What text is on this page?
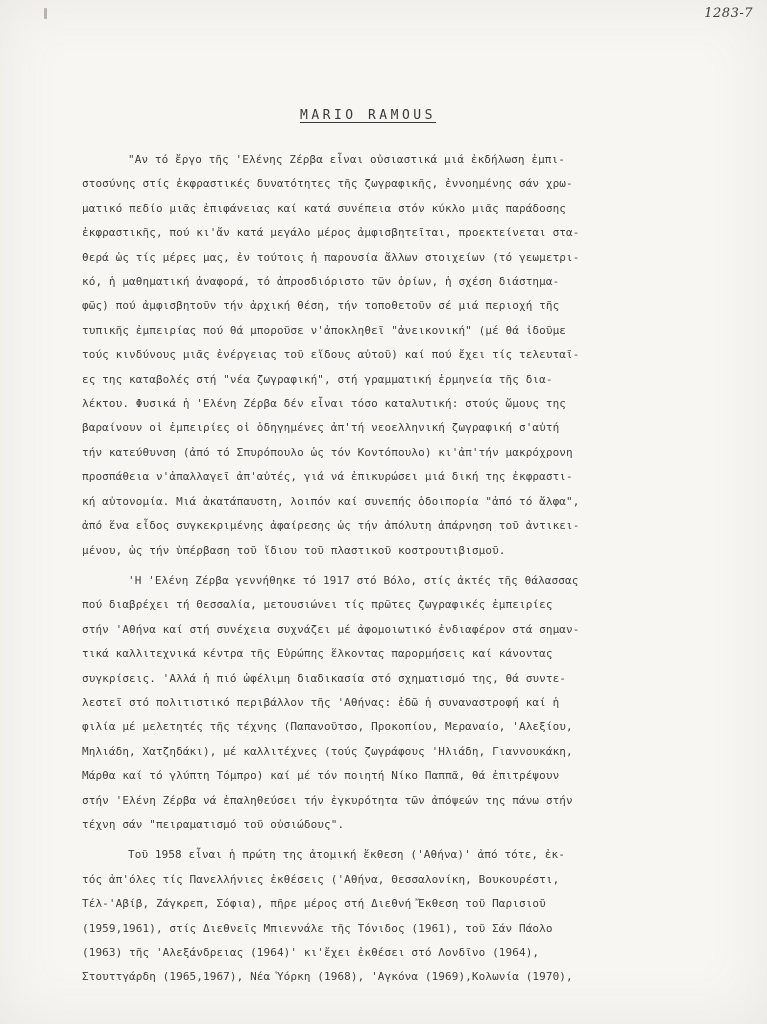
1283-7
MARIO RAMOUS
"Αν τό ἔργο τῆς 'Ελένης Ζέρβα εἶναι οὐσιαστικά μιά ἐκδήλωση ἐμπι-
στοσύνης στίς ἐκφραστικές δυνατότητες τῆς ζωγραφικῆς, ἐννοημένης σάν χρω-
ματικό πεδίο μιᾶς ἐπιφάνειας καί κατά συνέπεια στόν κύκλο μιᾶς παράδοσης
ἐκφραστικῆς, πού κι'ἄν κατά μεγάλο μέρος ἀμφισβητεῖται, προεκτείνεται στα-
θερά ὡς τίς μέρες μας, ἐν τούτοις ἡ παρουσία ἄλλων στοιχείων (τό γεωμετρι-
κό, ἡ μαθηματική ἀναφορά, τό ἀπροσδιόριστο τῶν ὁρίων, ἡ σχέση διάστημα-
φῶς) πού ἀμφισβητοῦν τήν ἀρχική θέση, τήν τοποθετοῦν σέ μιά περιοχή τῆς
τυπικῆς ἐμπειρίας πού θά μποροῦσε ν'ἀποκληθεῖ "ἀνεικονική" (μέ θά ἰδοῦμε
τούς κινδύνους μιᾶς ἐνέργειας τοῦ εἴδους αὐτοῦ) καί πού ἔχει τίς τελευταῖ-
ες της καταβολές στή "νέα ζωγραφική", στή γραμματική ἑρμηνεία τῆς δια-
λέκτου. Φυσικά ἡ 'Ελένη Ζέρβα δέν εἶναι τόσο καταλυτική: στούς ὤμους της
βαραίνουν οἱ ἐμπειρίες οἱ ὁδηγημένες ἀπ'τή νεοελληνική ζωγραφική σ'αὐτή
τήν κατεύθυνση (ἀπό τό Σπυρόπουλο ὡς τόν Κοντόπουλο) κι'ἀπ'τήν μακρόχρονη
προσπάθεια ν'ἀπαλλαγεῖ ἀπ'αὐτές, γιά νά ἐπικυρώσει μιά δική της ἐκφραστι-
κή αὐτονομία. Μιά ἀκατάπαυστη, λοιπόν καί συνεπής ὁδοιπορία "ἀπό τό ἄλφα",
ἀπό ἕνα εἶδος συγκεκριμένης ἀφαίρεσης ὡς τήν ἀπόλυτη ἀπάρνηση τοῦ ἀντικει-
μένου, ὡς τήν ὑπέρβαση τοῦ ἴδιου τοῦ πλαστικοῦ κοστρουτιβισμοῦ.
'Η 'Ελένη Ζέρβα γεννήθηκε τό 1917 στό Βόλο, στίς ἀκτές τῆς θάλασσας
πού διαβρέχει τή Θεσσαλία, μετουσιώνει τίς πρῶτες ζωγραφικές ἐμπειρίες
στήν 'Αθήνα καί στή συνέχεια συχνάζει μέ ἀφομοιωτικό ἐνδιαφέρον στά σημαν-
τικά καλλιτεχνικά κέντρα τῆς Εὐρώπης ἕλκοντας παρορμήσεις καί κάνοντας
συγκρίσεις. 'Αλλά ἡ πιό ὠφέλιμη διαδικασία στό σχηματισμό της, θά συντε-
λεστεῖ στό πολιτιστικό περιβάλλον τῆς 'Αθήνας: ἐδῶ ἡ συναναστροφή καί ἡ
φιλία μέ μελετητές τῆς τέχνης (Παπανοῦτσο, Προκοπίου, Μεραναίο, 'Αλεξίου,
Μηλιάδη, Χατζηδάκι), μέ καλλιτέχνες (τούς ζωγράφους 'Ηλιάδη, Γιαννουκάκη,
Μάρθα καί τό γλύπτη Τόμπρο) καί μέ τόν ποιητή Νίκο Παππᾶ, θά ἐπιτρέψουν
στήν 'Ελένη Ζέρβα νά ἐπαληθεύσει τήν ἐγκυρότητα τῶν ἀπόψεών της πάνω στήν
τέχνη σάν "πειραματισμό τοῦ οὐσιώδους".
Τοῦ 1958 εἶναι ἡ πρώτη της ἀτομική ἔκθεση ('Αθήνα)' ἀπό τότε, ἐκ-
τός ἀπ'όλες τίς Πανελλήνιες ἐκθέσεις ('Αθήνα, Θεσσαλονίκη, Βουκουρέστι,
Τέλ-'Αβίβ, Ζάγκρεπ, Σόφια), πῆρε μέρος στή Διεθνή Ἔκθεση τοῦ Παρισιοῦ
(1959,1961), στίς Διεθνεῖς Μπιεννάλε τῆς Τόνιδος (1961), τοῦ Σάν Πάολο
(1963) τῆς 'Αλεξάνδρειας (1964)' κι'ἔχει ἐκθέσει στό Λονδῖνο (1964),
Στουττγάρδη (1965,1967), Νέα Ὑόρκη (1968), 'Αγκόνα (1969),Κολωνία (1970),
